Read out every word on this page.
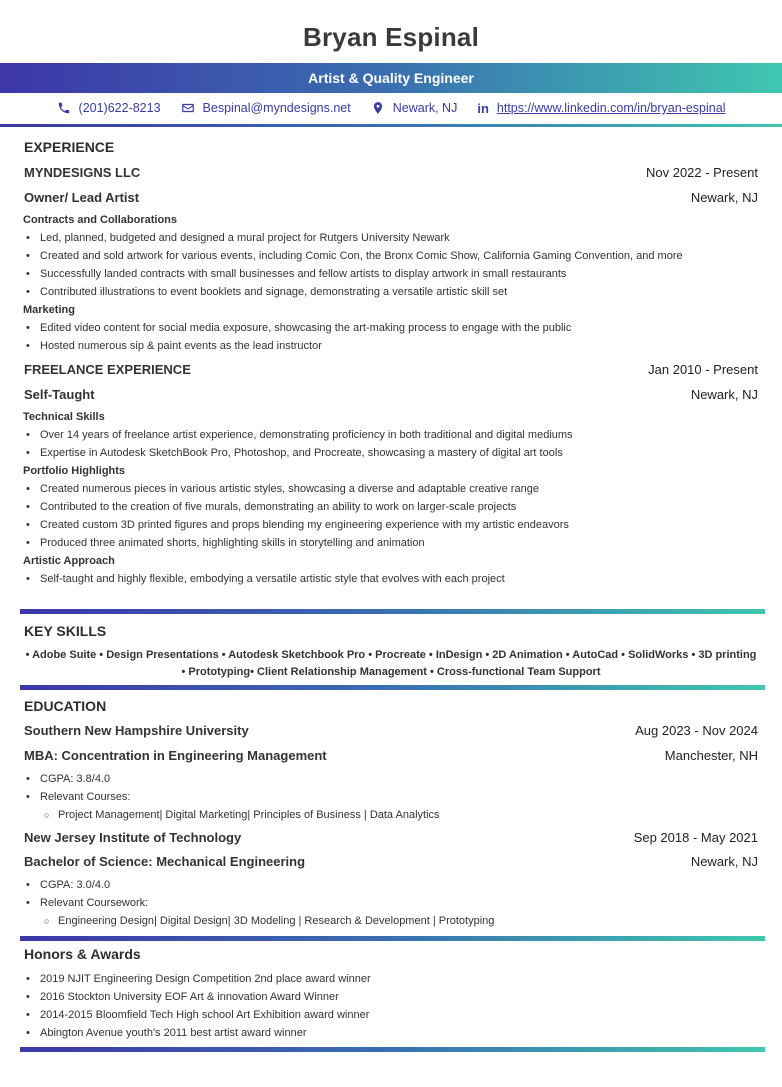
Bryan Espinal
Artist & Quality Engineer
(201)622-8213	Bespinal@myndesigns.net	Newark, NJ in https://www.linkedin.com/in/bryan-espinal
EXPERIENCE
MYNDESIGNS LLC	Nov 2022 - Present
Owner/ Lead Artist	Newark, NJ
Contracts and Collaborations
• Led, planned, budgeted and designed a mural project for Rutgers University Newark
• Created and sold artwork for various events, including Comic Con, the Bronx Comic Show, California Gaming Convention, and more
• Successfully landed contracts with small businesses and fellow artists to display artwork in small restaurants
• Contributed illustrations to event booklets and signage, demonstrating a versatile artistic skill set
Marketing
• Edited video content for social media exposure, showcasing the art-making process to engage with the public
• Hosted numerous sip & paint events as the lead instructor
FREELANCE EXPERIENCE	Jan 2010 - Present
Self-Taught	Newark, NJ
Technical Skills
• Over 14 years of freelance artist experience, demonstrating proficiency in both traditional and digital mediums
• Expertise in Autodesk SketchBook Pro, Photoshop, and Procreate, showcasing a mastery of digital art tools
Portfolio Highlights
• Created numerous pieces in various artistic styles, showcasing a diverse and adaptable creative range
• Contributed to the creation of five murals, demonstrating an ability to work on larger-scale projects
• Created custom 3D printed figures and props blending my engineering experience with my artistic endeavors
• Produced three animated shorts, highlighting skills in storytelling and animation
Artistic Approach
• Self-taught and highly flexible, embodying a versatile artistic style that evolves with each project
KEY SKILLS
• Adobe Suite • Design Presentations • Autodesk Sketchbook Pro • Procreate • InDesign • 2D Animation • AutoCad • SolidWorks • 3D printing
• Prototyping• Client Relationship Management • Cross-functional Team Support
EDUCATION
Southern New Hampshire University	Aug 2023 - Nov 2024
MBA: Concentration in Engineering Management	Manchester, NH
• CGPA: 3.8/4.0
• Relevant Courses:
○ Project Management| Digital Marketing| Principles of Business | Data Analytics
New Jersey Institute of Technology	Sep 2018 - May 2021
Bachelor of Science: Mechanical Engineering	Newark, NJ
• CGPA: 3.0/4.0
• Relevant Coursework:
○ Engineering Design| Digital Design| 3D Modeling | Research & Development | Prototyping
Honors & Awards
• 2019 NJIT Engineering Design Competition 2nd place award winner
• 2016 Stockton University EOF Art & innovation Award Winner
• 2014-2015 Bloomfield Tech High school Art Exhibition award winner
• Abington Avenue youth's 2011 best artist award winner
